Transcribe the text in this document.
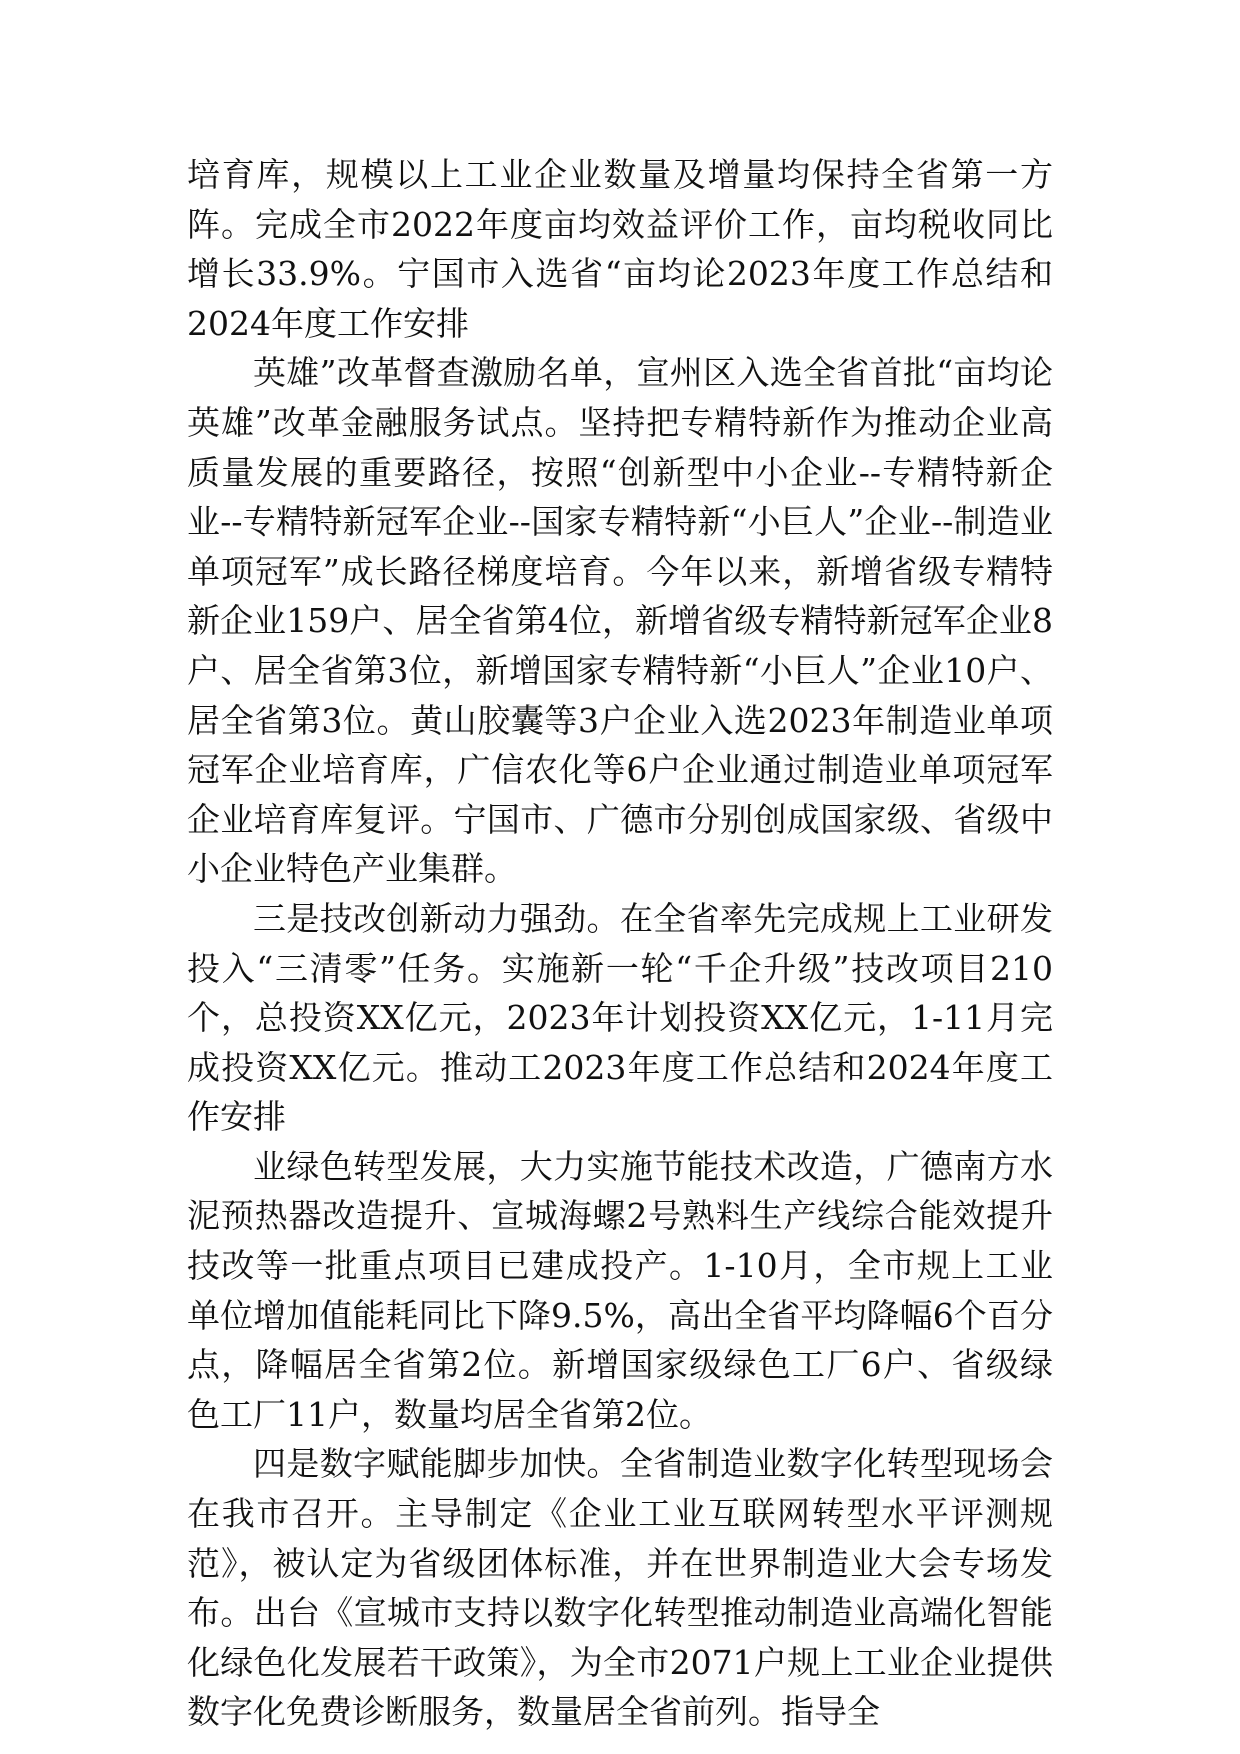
培育库，规模以上工业企业数量及增量均保持全省第一方阵。完成全市2022年度亩均效益评价工作，亩均税收同比增长33.9%。宁国市入选省“亩均论2023年度工作总结和2024年度工作安排

英雄”改革督查激励名单，宣州区入选全省首批“亩均论英雄”改革金融服务试点。坚持把专精特新作为推动企业高质量发展的重要路径，按照“创新型中小企业--专精特新企业--专精特新冠军企业--国家专精特新“小巨人”企业--制造业单项冠军”成长路径梯度培育。今年以来，新增省级专精特新企业159户、居全省第4位，新增省级专精特新冠军企业8户、居全省第3位，新增国家专精特新“小巨人”企业10户、居全省第3位。黄山胶囊等3户企业入选2023年制造业单项冠军企业培育库，广信农化等6户企业通过制造业单项冠军企业培育库复评。宁国市、广德市分别创成国家级、省级中小企业特色产业集群。

三是技改创新动力强劲。在全省率先完成规上工业研发投入“三清零”任务。实施新一轮“千企升级”技改项目210个，总投资XX亿元，2023年计划投资XX亿元，1-11月完成投资XX亿元。推动工2023年度工作总结和2024年度工作安排

业绿色转型发展，大力实施节能技术改造，广德南方水泥预热器改造提升、宣城海螺2号熟料生产线综合能效提升技改等一批重点项目已建成投产。1-10月，全市规上工业单位增加值能耗同比下降9.5%，高出全省平均降幅6个百分点，降幅居全省第2位。新增国家级绿色工厂6户、省级绿色工厂11户，数量均居全省第2位。

四是数字赋能脚步加快。全省制造业数字化转型现场会在我市召开。主导制定《企业工业互联网转型水平评测规范》，被认定为省级团体标准，并在世界制造业大会专场发布。出台《宣城市支持以数字化转型推动制造业高端化智能化绿色化发展若干政策》，为全市2071户规上工业企业提供数字化免费诊断服务，数量居全省前列。指导全
